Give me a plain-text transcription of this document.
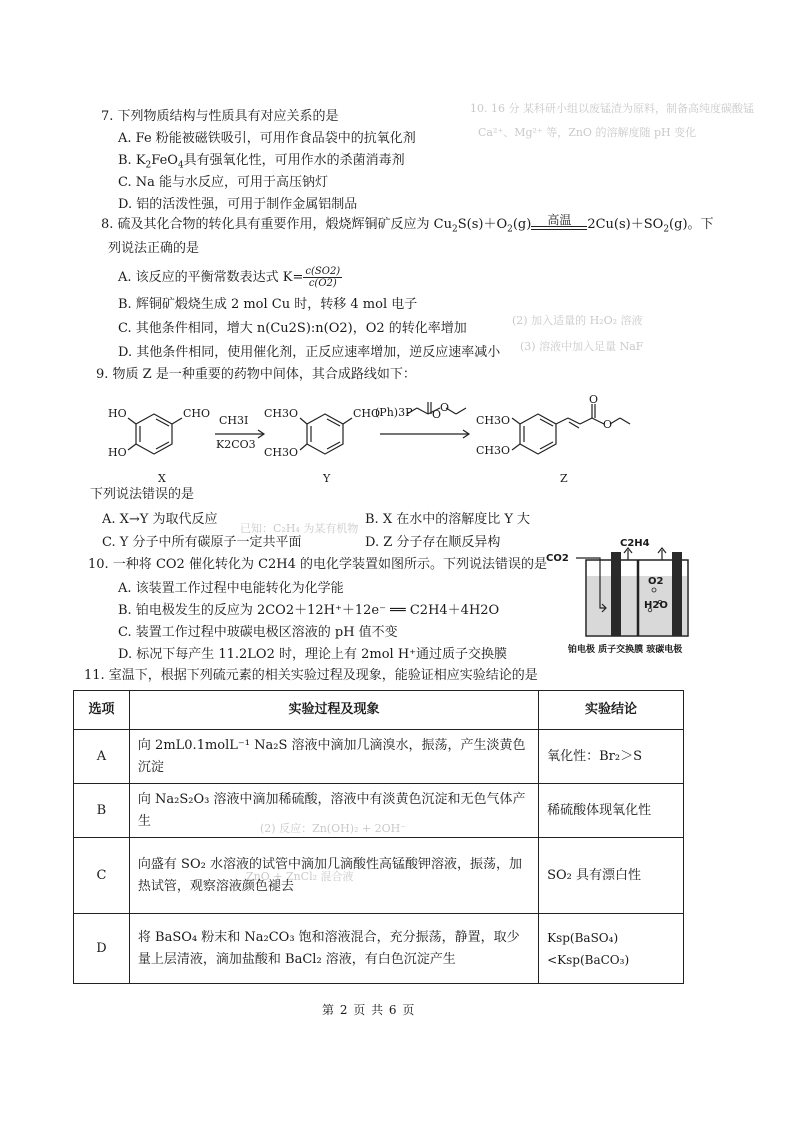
10. 16 分 某科研小组以废锰渣为原料，制备高纯度碳酸锰
Ca²⁺、Mg²⁺ 等，ZnO 的溶解度随 pH 变化
(2) 加入适量的 H₂O₂ 溶液
(3) 溶液中加入足量 NaF
已知：C₂H₄ 为某有机物
(2) 反应：Zn(OH)₂ + 2OH⁻
ZnO + ZnCl₂ 混合液
7. 下列物质结构与性质具有对应关系的是
A. Fe 粉能被磁铁吸引，可用作食品袋中的抗氧化剂
B. $K_2FeO_4$具有强氧化性，可用作水的杀菌消毒剂
C. Na 能与水反应，可用于高压钠灯
D. 铝的活泼性强，可用于制作金属铝制品
8. 硫及其化合物的转化具有重要作用，煅烧辉铜矿反应为 $Cu_2S(s)+O_2(g)$	高温	$2Cu(s)+SO_2(g)$。下
列说法正确的是
A. 该反应的平衡常数表达式 $K= \frac{c(SO2)}{c(O2)}$
B. 辉铜矿煅烧生成 2 mol Cu 时，转移 4 mol 电子
C. 其他条件相同，增大 n(Cu2S):n(O2)，O2 的转化率增加
D. 其他条件相同，使用催化剂，正反应速率增加，逆反应速率减小
9. 物质 Z 是一种重要的药物中间体，其合成路线如下：
HO
HO
CHO
CH3I
K2CO3
CH3O
CH3O
CHO
(Ph)3P O
O
CH3O
CH3O
O
O
X	Y	Z
下列说法错误的是
A. X→Y 为取代反应	B. X 在水中的溶解度比 Y 大
C. Y 分子中所有碳原子一定共平面	D. Z 分子存在顺反异构
10. 一种将 CO2 催化转化为 C2H4 的电化学装置如图所示。下列说法错误的是
A. 该装置工作过程中电能转化为化学能
B. 铂电极发生的反应为 2CO2＋12H⁺＋12e⁻ ══ C2H4＋4H2O
C. 装置工作过程中玻碳电极区溶液的 pH 值不变
D. 标况下每产生 11.2LO2 时，理论上有 2mol H⁺通过质子交换膜
CO2
C2H4
O2
H2O
铂电极 质子交换膜 玻碳电极
11. 室温下，根据下列硫元素的相关实验过程及现象，能验证相应实验结论的是
选项	实验过程及现象	实验结论
A	向 2mL0.1molL⁻¹ Na₂S 溶液中滴加几滴溴水，振荡，产生淡黄色沉淀	氧化性：Br₂＞S
B	向 Na₂S₂O₃ 溶液中滴加稀硫酸，溶液中有淡黄色沉淀和无色气体产生	稀硫酸体现氧化性
C	向盛有 SO₂ 水溶液的试管中滴加几滴酸性高锰酸钾溶液，振荡，加热试管，观察溶液颜色褪去	SO₂ 具有漂白性
D	将 BaSO₄ 粉末和 Na₂CO₃ 饱和溶液混合，充分振荡，静置，取少量上层清液，滴加盐酸和 BaCl₂ 溶液，有白色沉淀产生	Ksp(BaSO₄)<Ksp(BaCO₃)
第 2 页 共 6 页
